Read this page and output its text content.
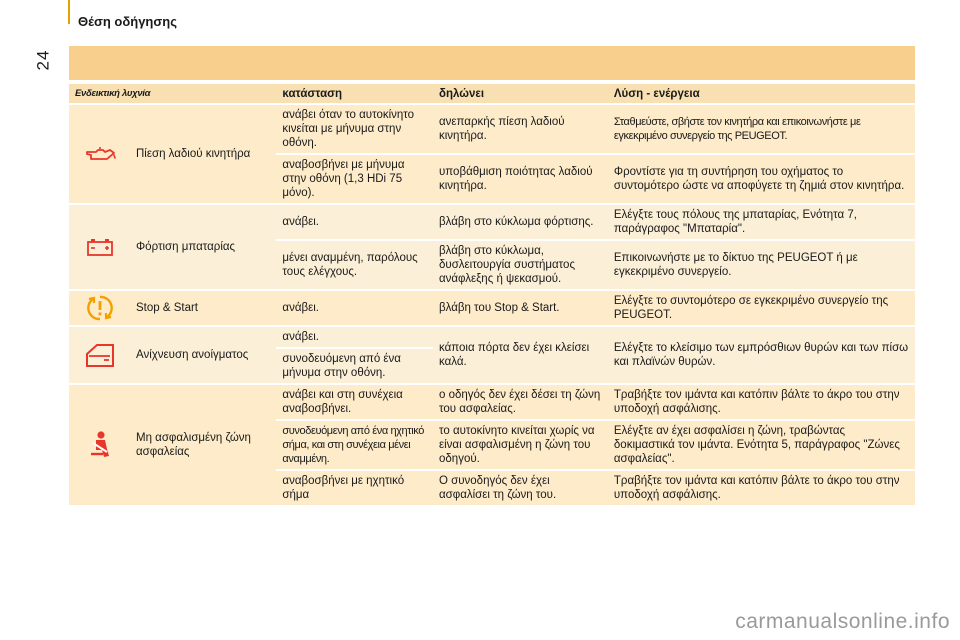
24
Θέση οδήγησης
Ενδεικτική λυχνία		κατάσταση	δηλώνει	Λύση - ενέργεια

	Πίεση λαδιού κινητήρα	ανάβει όταν το αυτοκίνητο κινείται με μήνυμα στην οθόνη.	ανεπαρκής πίεση λαδιού κινητήρα.	Σταθμεύστε, σβήστε τον κινητήρα και επικοινωνήστε με εγκεκριμένο συνεργείο της PEUGEOT.
		αναβοσβήνει με μήνυμα στην οθόνη (1,3 HDi 75 μόνο).	υποβάθμιση ποιότητας λαδιού κινητήρα.	Φροντίστε για τη συντήρηση του οχήματος το συντομότερο ώστε να αποφύγετε τη ζημιά στον κινητήρα.

	Φόρτιση μπαταρίας	ανάβει.	βλάβη στο κύκλωμα φόρτισης.	Ελέγξτε τους πόλους της μπαταρίας, Ενότητα 7, παράγραφος "Μπαταρία".
		μένει αναμμένη, παρόλους τους ελέγχους.	βλάβη στο κύκλωμα, δυσλειτουργία συστήματος ανάφλεξης ή ψεκασμού.	Επικοινωνήστε με το δίκτυο της PEUGEOT ή με εγκεκριμένο συνεργείο.

	Stop & Start	ανάβει.	βλάβη του Stop & Start.	Ελέγξτε το συντομότερο σε εγκεκριμένο συνεργείο της PEUGEOT.

	Ανίχνευση ανοίγματος	ανάβει.	κάποια πόρτα δεν έχει κλείσει καλά.	Ελέγξτε το κλείσιμο των εμπρόσθιων θυρών και των πίσω και πλαϊνών θυρών.
		συνοδευόμενη από ένα μήνυμα στην οθόνη.		

	Μη ασφαλισμένη ζώνη ασφαλείας	ανάβει και στη συνέχεια αναβοσβήνει.	ο οδηγός δεν έχει δέσει τη ζώνη του ασφαλείας.	Τραβήξτε τον ιμάντα και κατόπιν βάλτε το άκρο του στην υποδοχή ασφάλισης.
		συνοδευόμενη από ένα ηχητικό σήμα, και στη συνέχεια μένει αναμμένη.	το αυτοκίνητο κινείται χωρίς να είναι ασφαλισμένη η ζώνη του οδηγού.	Ελέγξτε αν έχει ασφαλίσει η ζώνη, τραβώντας δοκιμαστικά τον ιμάντα. Ενότητα 5, παράγραφος "Ζώνες ασφαλείας".
		αναβοσβήνει με ηχητικό σήμα	Ο συνοδηγός δεν έχει ασφαλίσει τη ζώνη του.	Τραβήξτε τον ιμάντα και κατόπιν βάλτε το άκρο του στην υποδοχή ασφάλισης.
carmanualsonline.info
